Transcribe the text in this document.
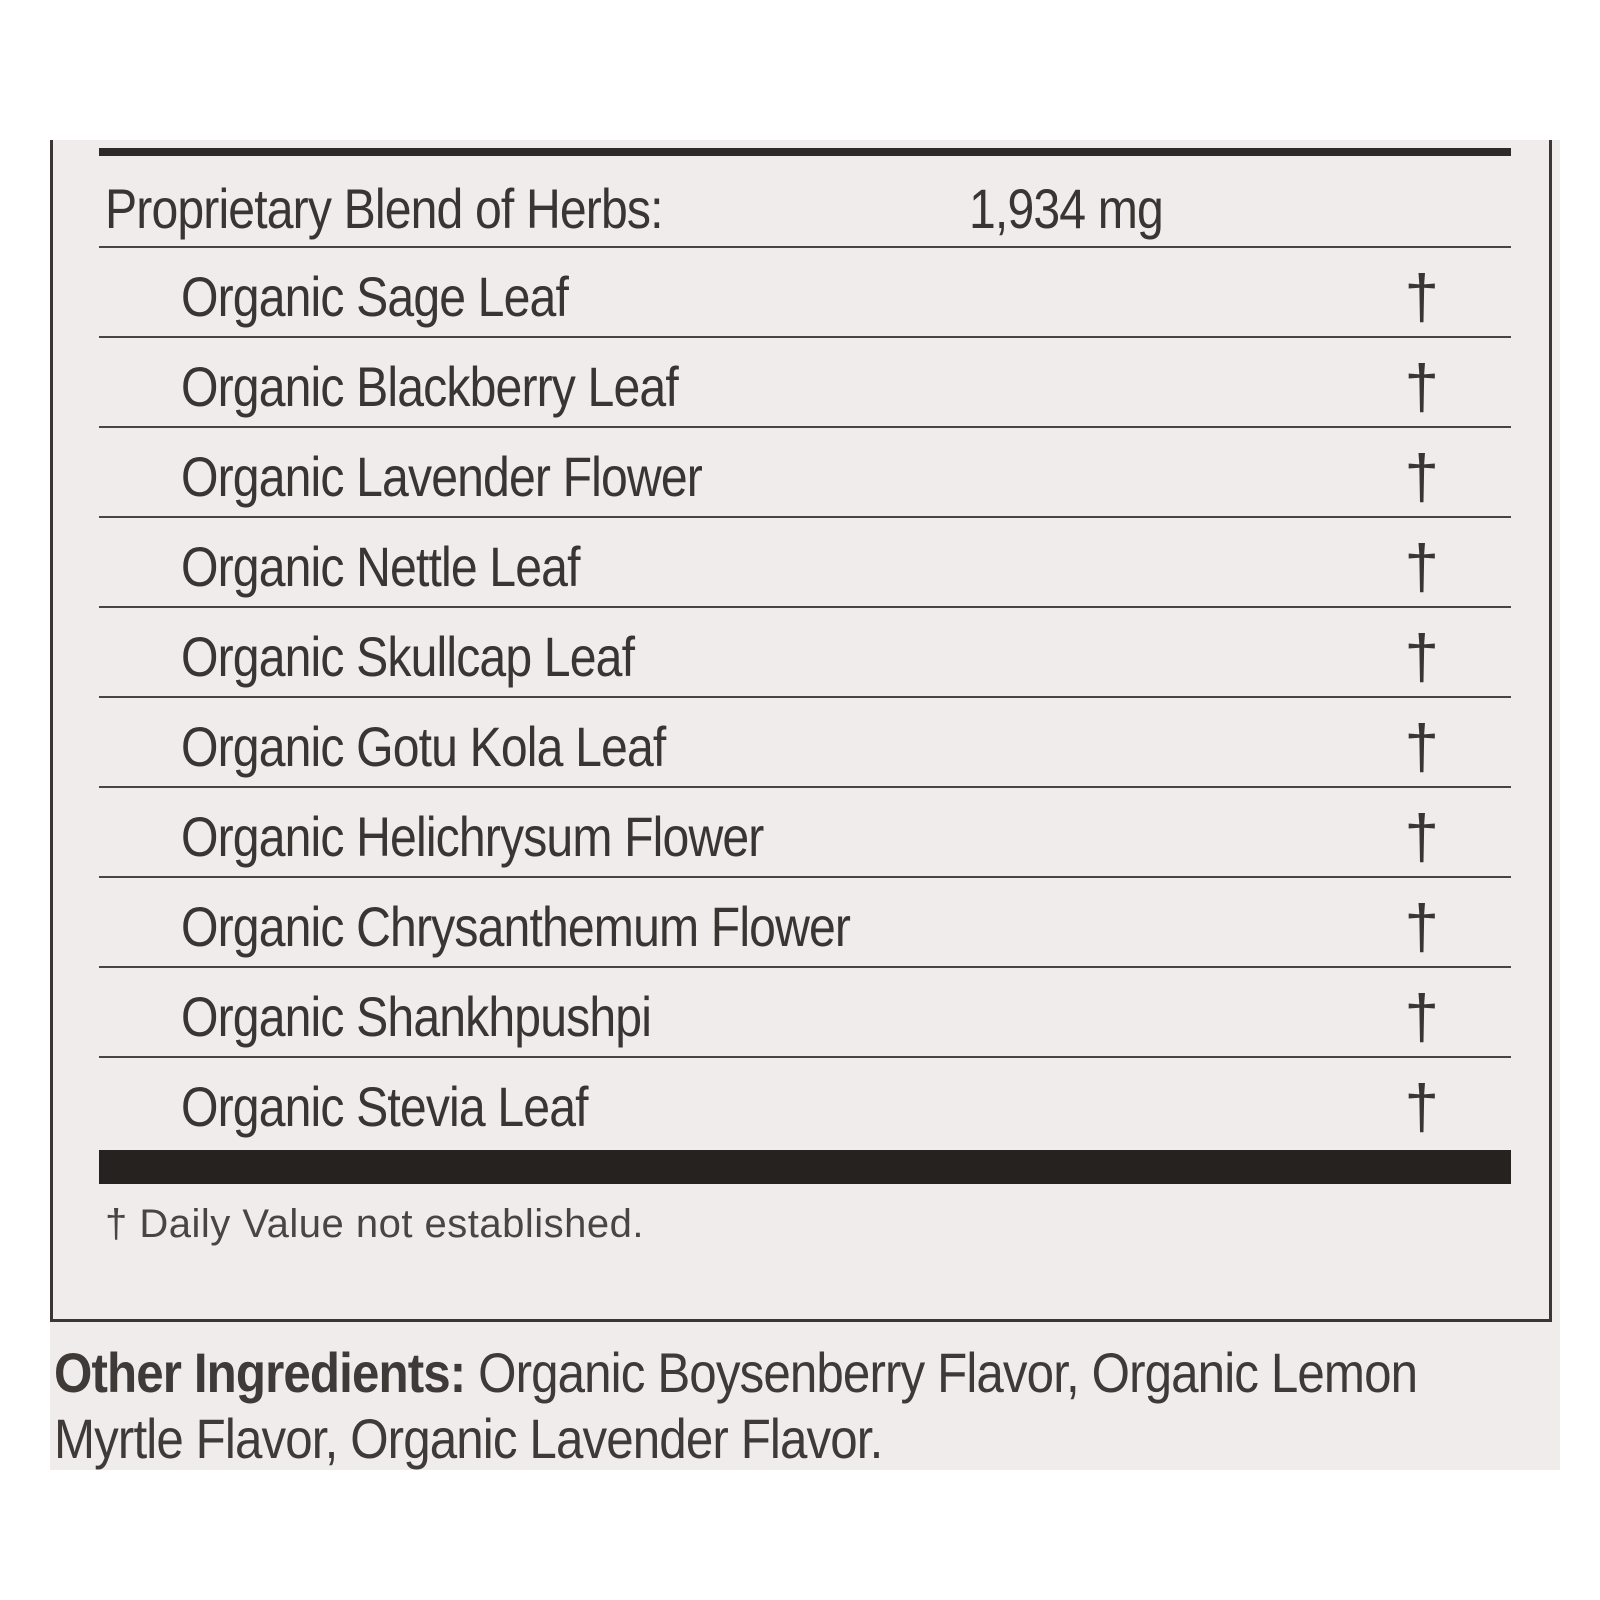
Proprietary Blend of Herbs:	1,934 mg
Organic Sage Leaf	†
Organic Blackberry Leaf	†
Organic Lavender Flower	†
Organic Nettle Leaf	†
Organic Skullcap Leaf	†
Organic Gotu Kola Leaf	†
Organic Helichrysum Flower	†
Organic Chrysanthemum Flower	†
Organic Shankhpushpi	†
Organic Stevia Leaf	†
† Daily Value not established.
Other Ingredients: Organic Boysenberry Flavor, Organic Lemon Myrtle Flavor, Organic Lavender Flavor.
